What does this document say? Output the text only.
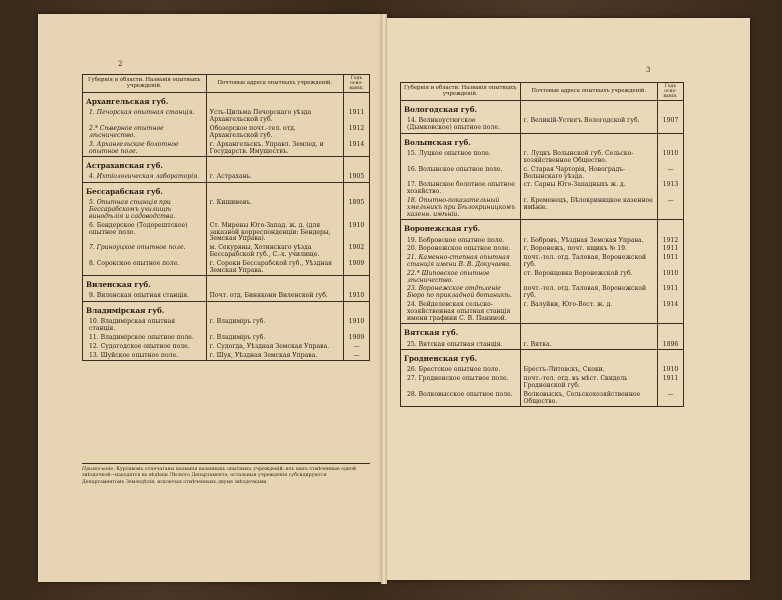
2
3
Губернія и области. Названія опытныхъ учрежденій.	Почтовые адреса опытныхъ учрежденій.	Годъ осно-ванія.
Архангельская губ.		
1. Печорская опытная станція.	Усть-Цильма Печорскаго уѣзда Архангельской губ.	1911
2.* Сѣверное опытное лѣсничество.	Обозерское почт.-тел. отд. Архангельской губ.	1912
3. Архангельское болотное опытное поле.	г. Архангельскъ. Управл. Землед. и Государств. Имуществъ.	1914
Астраханская губ.		
4. Ихтіологическая лабораторія.	г. Астрахань.	1905
Бессарабская губ.		
5. Опытная станція при Бессарабскомъ училищѣ винодѣлія и садоводства.	г. Кишиневъ.	1895
6. Бендерское (Тодорештское) опытное поле.	Ст. Мирены Юго-Запад. ж. д. (для заказной корреспонденціи: Бендеры, Земская Управа).	1910
7. Гриноуцкое опытное поле.	м. Секуряны, Хотинскаго уѣзда Бессарабской губ., С.-х. училище.	1902
8. Сорокское опытное поле.	г. Сороки Бессарабской губ., Уѣздная Земская Управа.	1909
Виленская губ.		
9. Виленская опытная станція.	Почт. отд. Бинякони Виленской губ.	1910
Владимірская губ.		
10. Владимірская опытная станція.	г. Владиміръ губ.	1910
11. Владимірское опытное поле.	г. Владиміръ губ.	1909
12. Судогодское опытное поле.	г. Судогда, Уѣздная Земская Управа.	—
13. Шуйское опытное поле.	г. Шуя, Уѣздная Земская Управа.	—
Губернія и области. Названія опытныхъ учрежденій.	Почтовые адреса опытныхъ учрежденій.	Годъ осно-ванія.
Вологодская губ.		
14. Великоустюгское (Дымковское) опытное поле.	г. Великій-Устюгъ Вологодской губ.	1907
Волынская губ.		
15. Луцкое опытное поле.	г. Луцкъ Волынской губ. Сельско-хозяйственное Общество.	1910
16. Волынское опытное поле.	с. Старая Чарторія, Новоградъ-Волынскаго уѣзда.	—
17. Волынское болотное опытное хозяйство.	ст. Сарны Юго-Западныхъ ж. д.	1913
18. Опытно-показательный хмельникъ при Бѣлокриницкомъ казенн. имѣніи.	г. Кременецъ, Бѣлокриницкое казенное имѣніе.	—
Воронежская губ.		
19. Бобровское опытное поле.	г. Бобровъ, Уѣздная Земская Управа.	1912
20. Воронежское опытное поле.	г. Воронежъ, почт. ящикъ № 19.	1911
21. Каменно-степная опытная станція имени В. В. Докучаева.	почт.-тел. отд. Таловая, Воронежской губ.	1911
22.* Шиповское опытное лѣсничество.	ст. Воронцовка Воронежской губ.	1910
23. Воронежское отдѣленіе Бюро по прикладной ботаникѣ.	почт.-тел. отд. Таловая, Воронежской губ.	1911
24. Вейделевская сельско-хозяйственная опытная станція имени графини С. В. Паниной.	г. Валуйки, Юго-Вост. ж. д.	1914
Вятская губ.		
25. Вятская опытная станція.	г. Вятка.	1896
Гродненская губ.		
26. Брестское опытное поле.	Брестъ-Литовскъ, Скоки.	1910
27. Гродненское опытное поле.	почт.-тел. отд. въ мѣст. Скидель Гродненской губ.	1911
28. Волковысское опытное поле.	Волковыскъ, Сельскохозяйственное Общество.	—
Примѣчаніе. Курсивомъ отпечатаны названія казенныхъ опытныхъ учрежденій; изъ нихъ отмѣченные одной звѣздочкой—находятся въ вѣдѣніи Лѣсного Департамента; остальныя учрежденія субсидируются Департаментомъ Земледѣлія, исключая отмѣченныхъ двумя звѣздочками.
